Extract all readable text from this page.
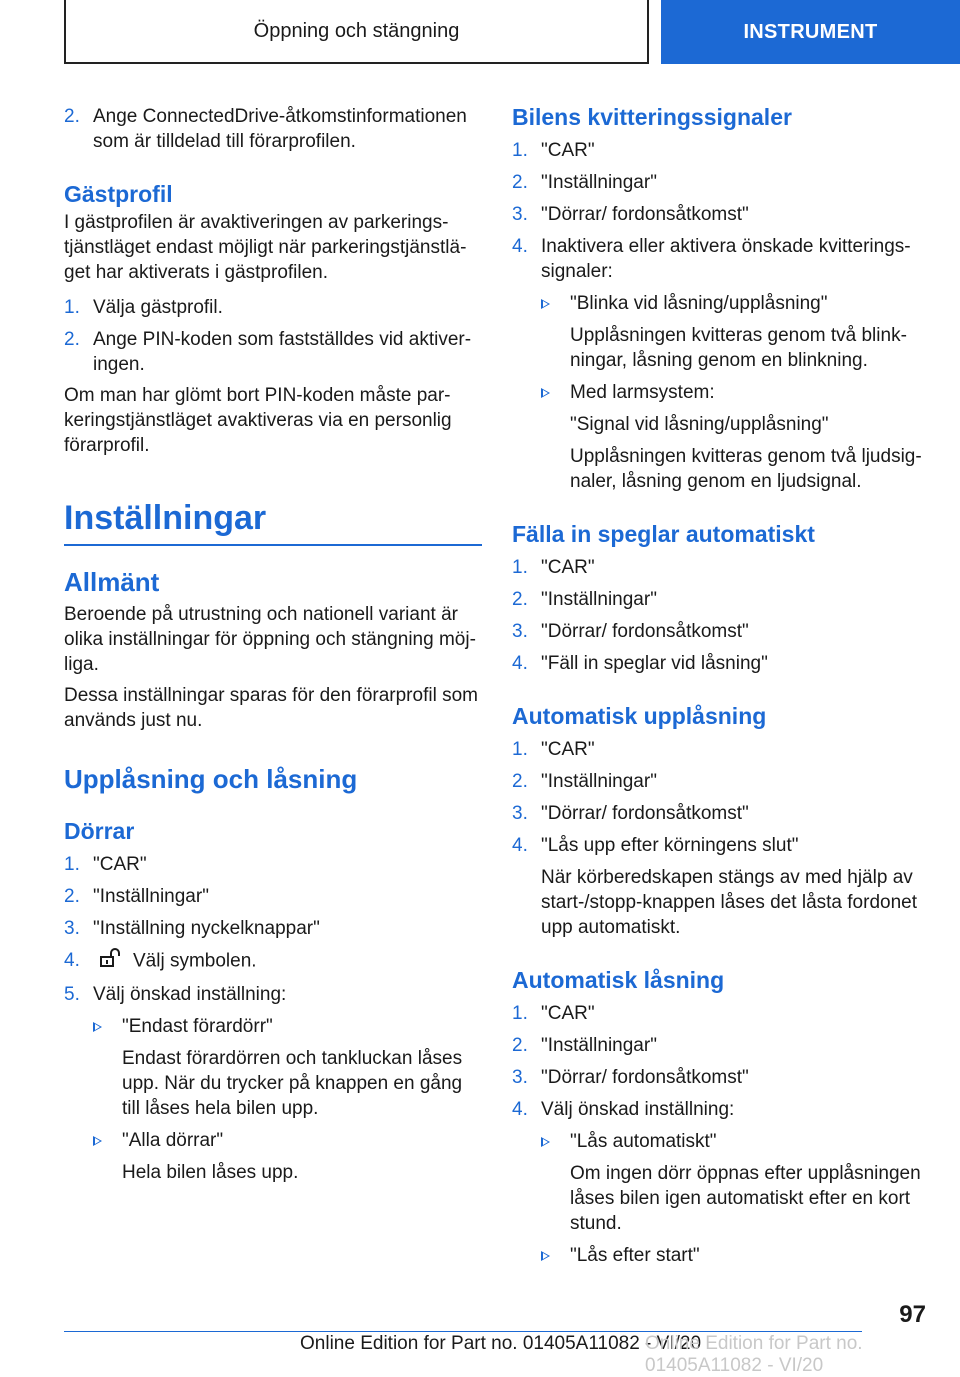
Öppning och stängning	INSTRUMENT
2. Ange ConnectedDrive-åtkomstinformationen som är tilldelad till förarprofilen.
Gästprofil

I gästprofilen är avaktiveringen av parkeringstjänstläget endast möjligt när parkeringstjänstläget har aktiverats i gästprofilen.

1. Välja gästprofil.
2. Ange PIN-koden som fastställdes vid aktiveringen.

Om man har glömt bort PIN-koden måste parkeringstjänstläget avaktiveras via en personlig förarprofil.

Inställningar
Allmänt

Beroende på utrustning och nationell variant är olika inställningar för öppning och stängning möjliga.

Dessa inställningar sparas för den förarprofil som används just nu.

Upplåsning och låsning
Dörrar
1. "CAR"
2. "Inställningar"
3. "Inställning nyckelknappar"
4.	Välj symbolen.
5. Välj önskad inställning:
"Endast förardörr"
Endast förardörren och tankluckan låses upp. När du trycker på knappen en gång till låses hela bilen upp.
"Alla dörrar"
Hela bilen låses upp.
Bilens kvitteringssignaler
1. "CAR"
2. "Inställningar"
3. "Dörrar/ fordonsåtkomst"
4. Inaktivera eller aktivera önskade kvitteringssignaler:
"Blinka vid låsning/upplåsning"
Upplåsningen kvitteras genom två blinkningar, låsning genom en blinkning.
Med larmsystem:
"Signal vid låsning/upplåsning"
Upplåsningen kvitteras genom två ljudsignaler, låsning genom en ljudsignal.
Fälla in speglar automatiskt
1. "CAR"
2. "Inställningar"
3. "Dörrar/ fordonsåtkomst"
4. "Fäll in speglar vid låsning"
Automatisk upplåsning
1. "CAR"
2. "Inställningar"
3. "Dörrar/ fordonsåtkomst"
4. "Lås upp efter körningens slut"
När körberedskapen stängs av med hjälp av start-/stopp-knappen låses det låsta fordonet upp automatiskt.
Automatisk låsning
1. "CAR"
2. "Inställningar"
3. "Dörrar/ fordonsåtkomst"
4. Välj önskad inställning:
"Lås automatiskt"
Om ingen dörr öppnas efter upplåsningen låses bilen igen automatiskt efter en kort stund.
"Lås efter start"
97
Online Edition for Part no. 01405A11082 - VI/20
Online Edition for Part no. 01405A11082 - VI/20
